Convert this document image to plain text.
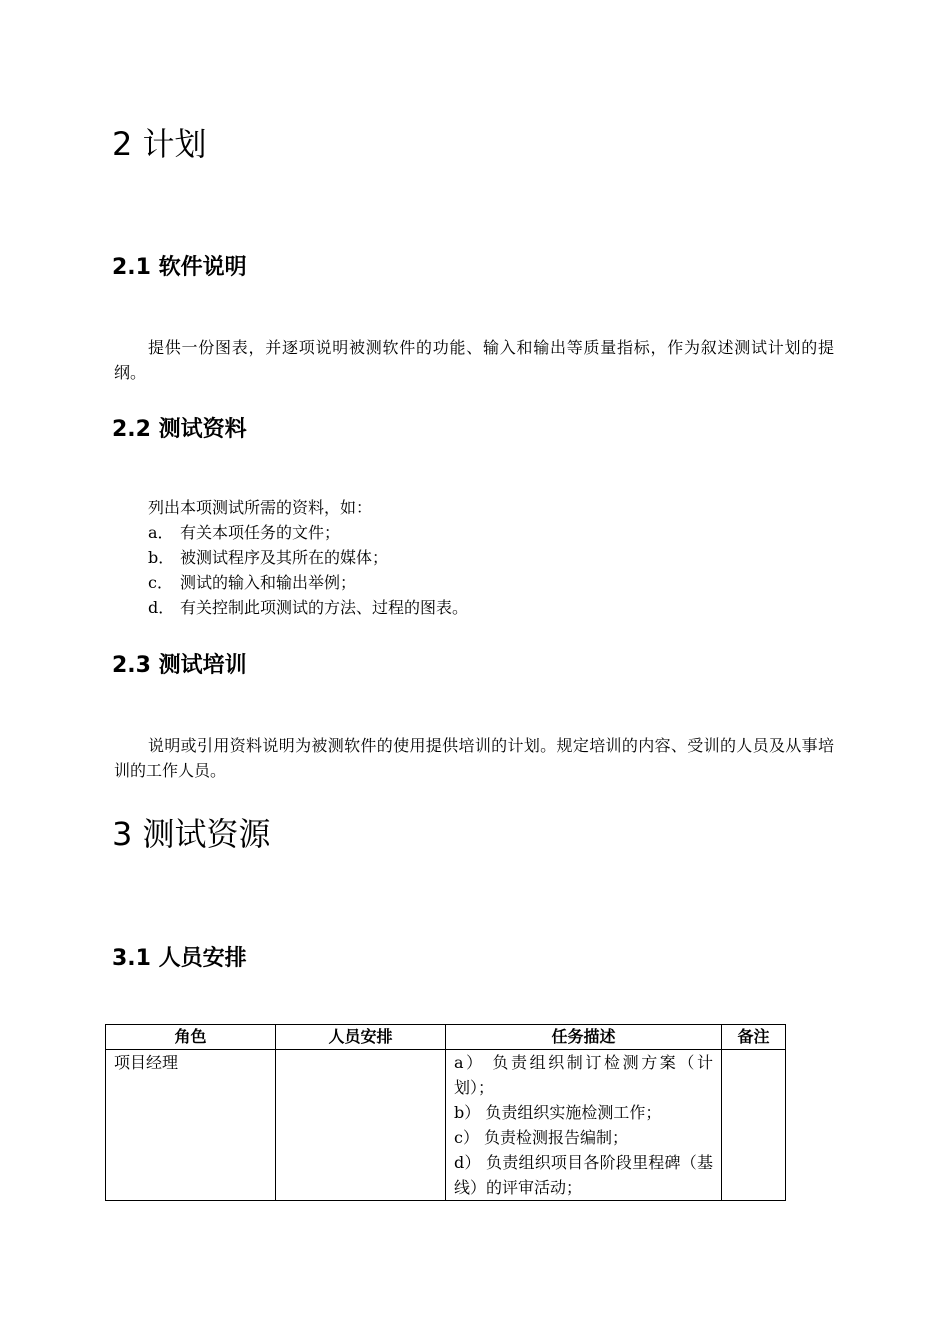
2 计划
2.1 软件说明

提供一份图表，并逐项说明被测软件的功能、输入和输出等质量指标，作为叙述测试计划的提纲。

2.2 测试资料

列出本项测试所需的资料，如：

a． 有关本项任务的文件；
b． 被测试程序及其所在的媒体；
c． 测试的输入和输出举例；
d． 有关控制此项测试的方法、过程的图表。
2.3 测试培训

说明或引用资料说明为被测软件的使用提供培训的计划。规定培训的内容、受训的人员及从事培训的工作人员。

3 测试资源
3.1 人员安排
角色	人员安排	任务描述	备注
项目经理		a） 负责组织制订检测方案（计划）；
b） 负责组织实施检测工作；
c） 负责检测报告编制；
d） 负责组织项目各阶段里程碑（基线）的评审活动；	
